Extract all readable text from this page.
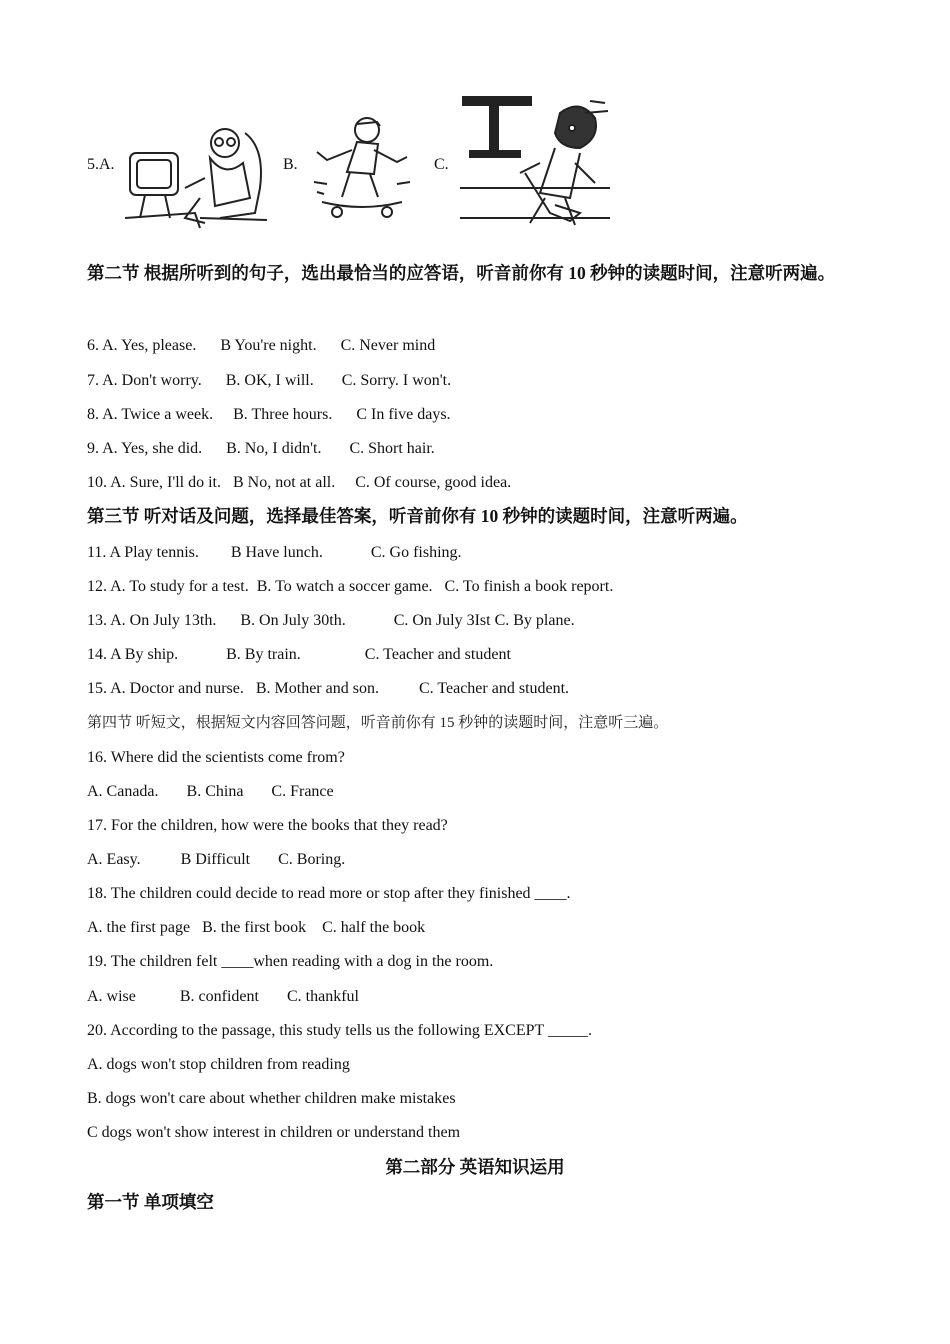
5.A.	B.	C.
第二节 根据所听到的句子，选出最恰当的应答语，听音前你有 10 秒钟的读题时间，注意听两遍。
6. A. Yes, please.      B You're night.      C. Never mind
7. A. Don't worry.      B. OK, I will.       C. Sorry. I won't.
8. A. Twice a week.     B. Three hours.      C In five days.
9. A. Yes, she did.      B. No, I didn't.       C. Short hair.
10. A. Sure, I'll do it.   B No, not at all.     C. Of course, good idea.
第三节 听对话及问题，选择最佳答案，听音前你有 10 秒钟的读题时间，注意听两遍。
11. A Play tennis.        B Have lunch.            C. Go fishing.
12. A. To study for a test.  B. To watch a soccer game.   C. To finish a book report.
13. A. On July 13th.      B. On July 30th.            C. On July 3Ist C. By plane.
14. A By ship.            B. By train.                C. Teacher and student
15. A. Doctor and nurse.   B. Mother and son.          C. Teacher and student.
第四节 听短文，根据短文内容回答问题，听音前你有 15 秒钟的读题时间，注意听三遍。
16. Where did the scientists come from?
A. Canada.       B. China       C. France
17. For the children, how were the books that they read?
A. Easy.          B Difficult       C. Boring.
18. The children could decide to read more or stop after they finished ____.
A. the first page   B. the first book    C. half the book
19. The children felt ____when reading with a dog in the room.
A. wise           B. confident       C. thankful
20. According to the passage, this study tells us the following EXCEPT _____.
A. dogs won't stop children from reading
B. dogs won't care about whether children make mistakes
C dogs won't show interest in children or understand them
第二部分 英语知识运用
第一节 单项填空
